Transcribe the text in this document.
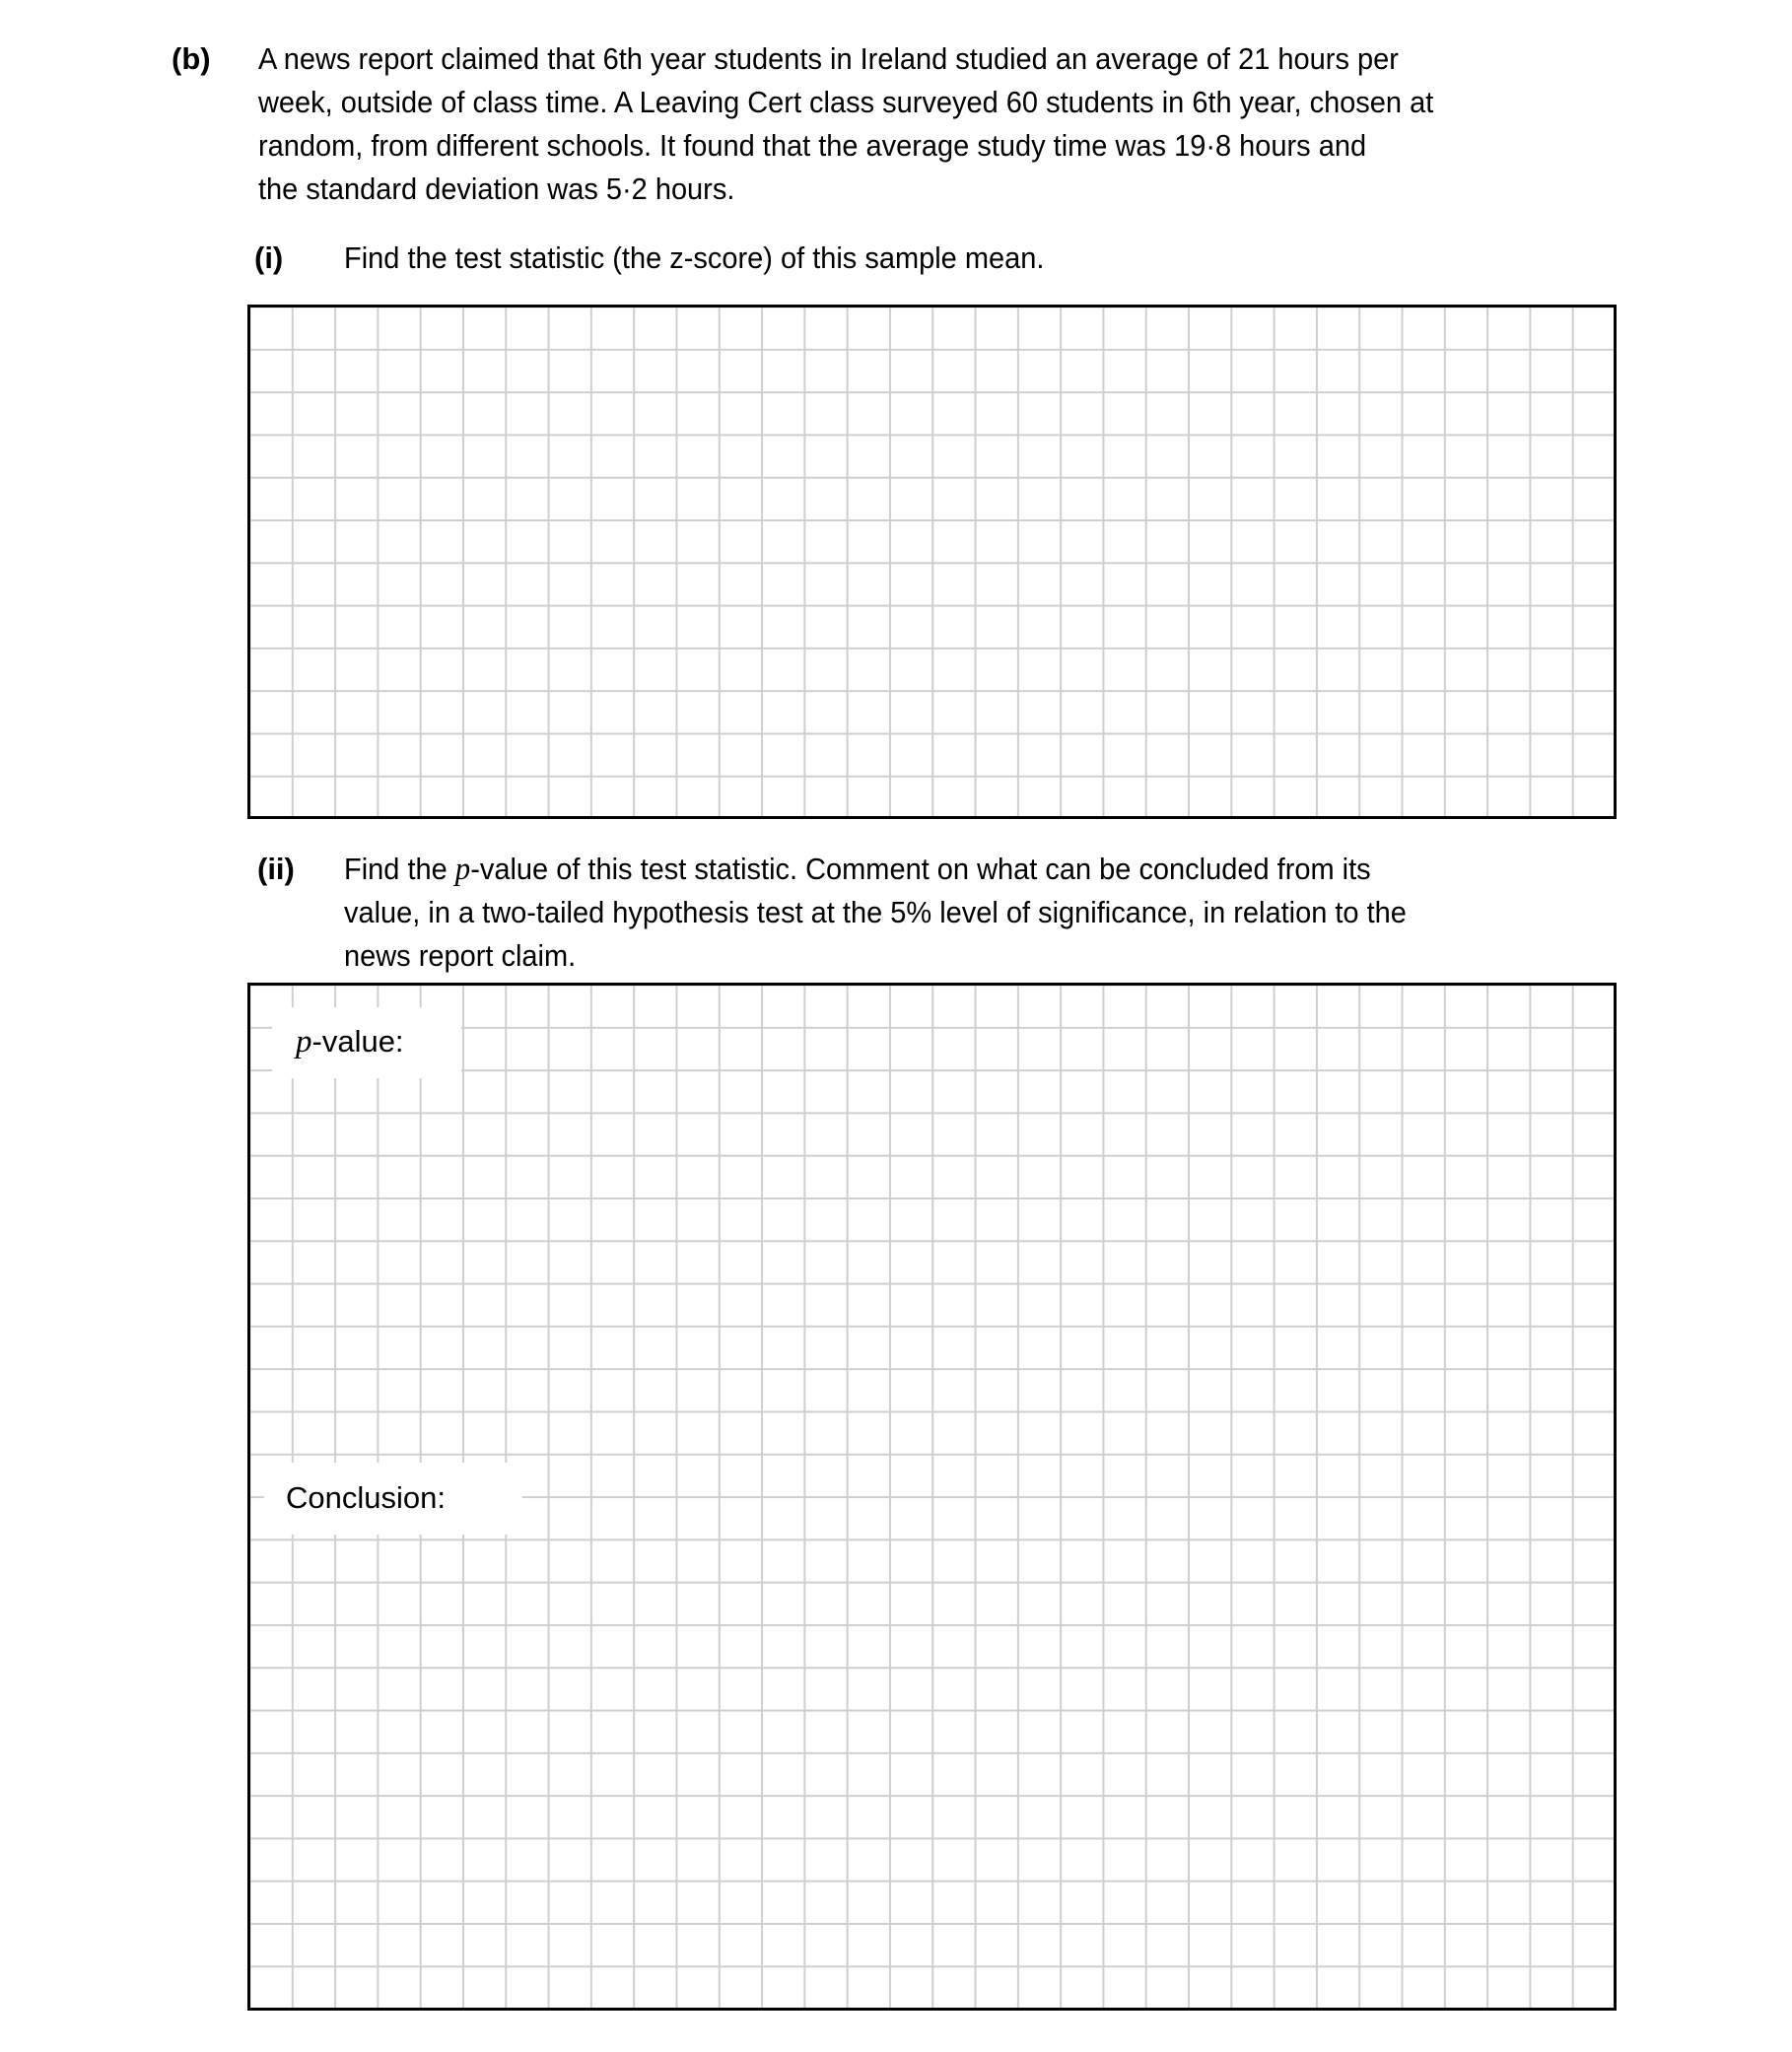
(b) A news report claimed that 6th year students in Ireland studied an average of 21 hours per
week, outside of class time. A Leaving Cert class surveyed 60 students in 6th year, chosen at
random, from different schools. It found that the average study time was 19·8 hours and
the standard deviation was 5·2 hours.
(i) Find the test statistic (the z-score) of this sample mean.
(ii) Find the p-value of this test statistic. Comment on what can be concluded from its
value, in a two-tailed hypothesis test at the 5% level of significance, in relation to the
news report claim.
p-value:
Conclusion:
